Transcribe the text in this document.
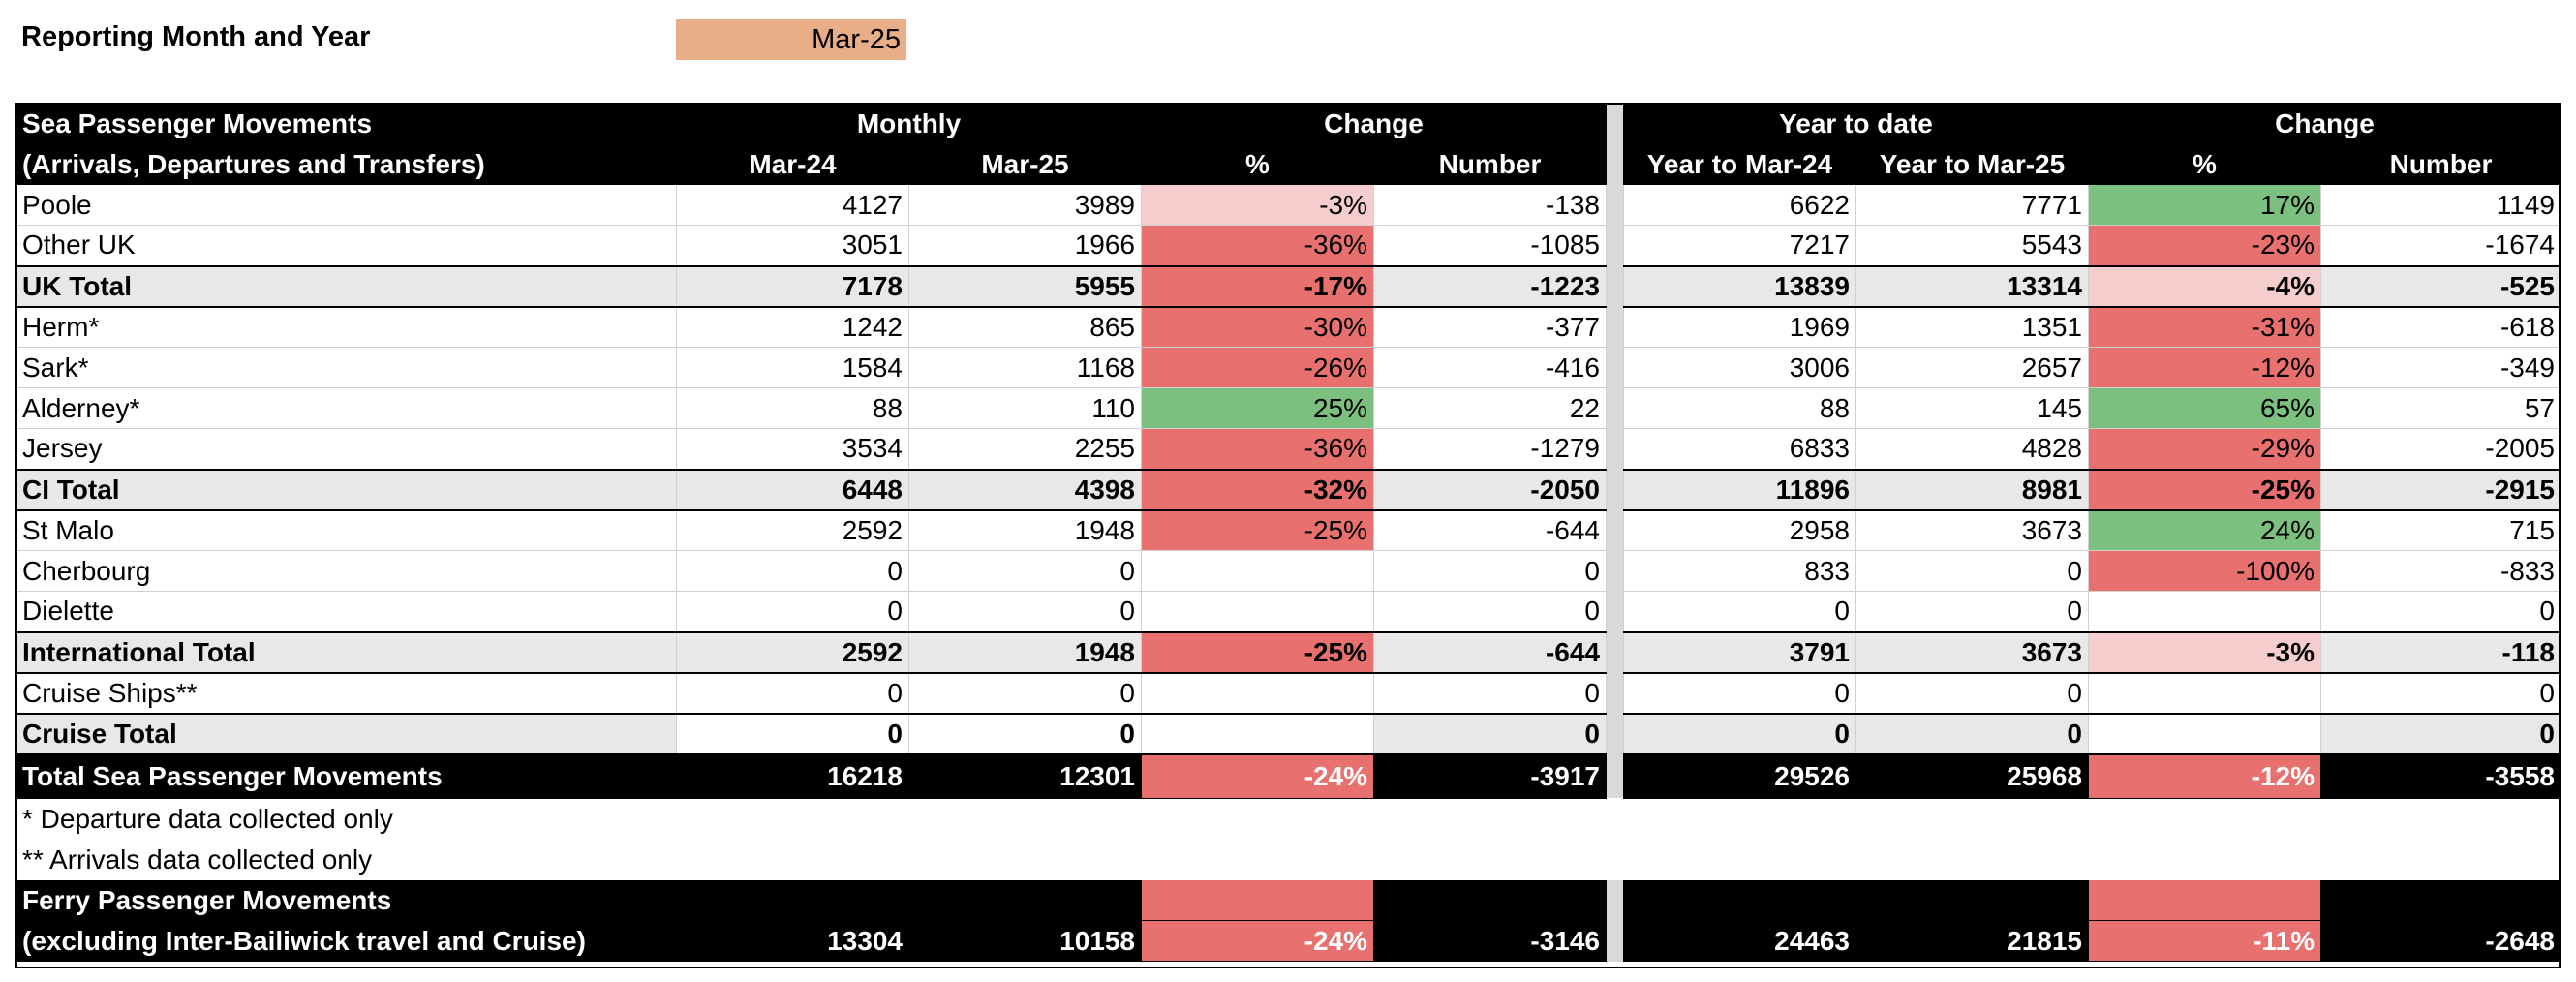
Reporting Month and Year	Mar-25
Sea Passenger Movements	Monthly		Change			Year to date		Change	
(Arrivals, Departures and Transfers)	Mar-24	Mar-25	%	Number		Year to Mar-24	Year to Mar-25	%	Number
Poole	4127	3989	-3%	-138		6622	7771	17%	1149
Other UK	3051	1966	-36%	-1085		7217	5543	-23%	-1674
UK Total	7178	5955	-17%	-1223		13839	13314	-4%	-525
Herm*	1242	865	-30%	-377		1969	1351	-31%	-618
Sark*	1584	1168	-26%	-416		3006	2657	-12%	-349
Alderney*	88	110	25%	22		88	145	65%	57
Jersey	3534	2255	-36%	-1279		6833	4828	-29%	-2005
CI Total	6448	4398	-32%	-2050		11896	8981	-25%	-2915
St Malo	2592	1948	-25%	-644		2958	3673	24%	715
Cherbourg	0	0		0		833	0	-100%	-833
Dielette	0	0		0		0	0		0
International Total	2592	1948	-25%	-644		3791	3673	-3%	-118
Cruise Ships**	0	0		0		0	0		0
Cruise Total	0	0		0		0	0		0
Total Sea Passenger Movements	16218	12301	-24%	-3917		29526	25968	-12%	-3558
* Departure data collected only									
** Arrivals data collected only									
Ferry Passenger Movements									
(excluding Inter-Bailiwick travel and Cruise)	13304	10158	-24%	-3146		24463	21815	-11%	-2648
